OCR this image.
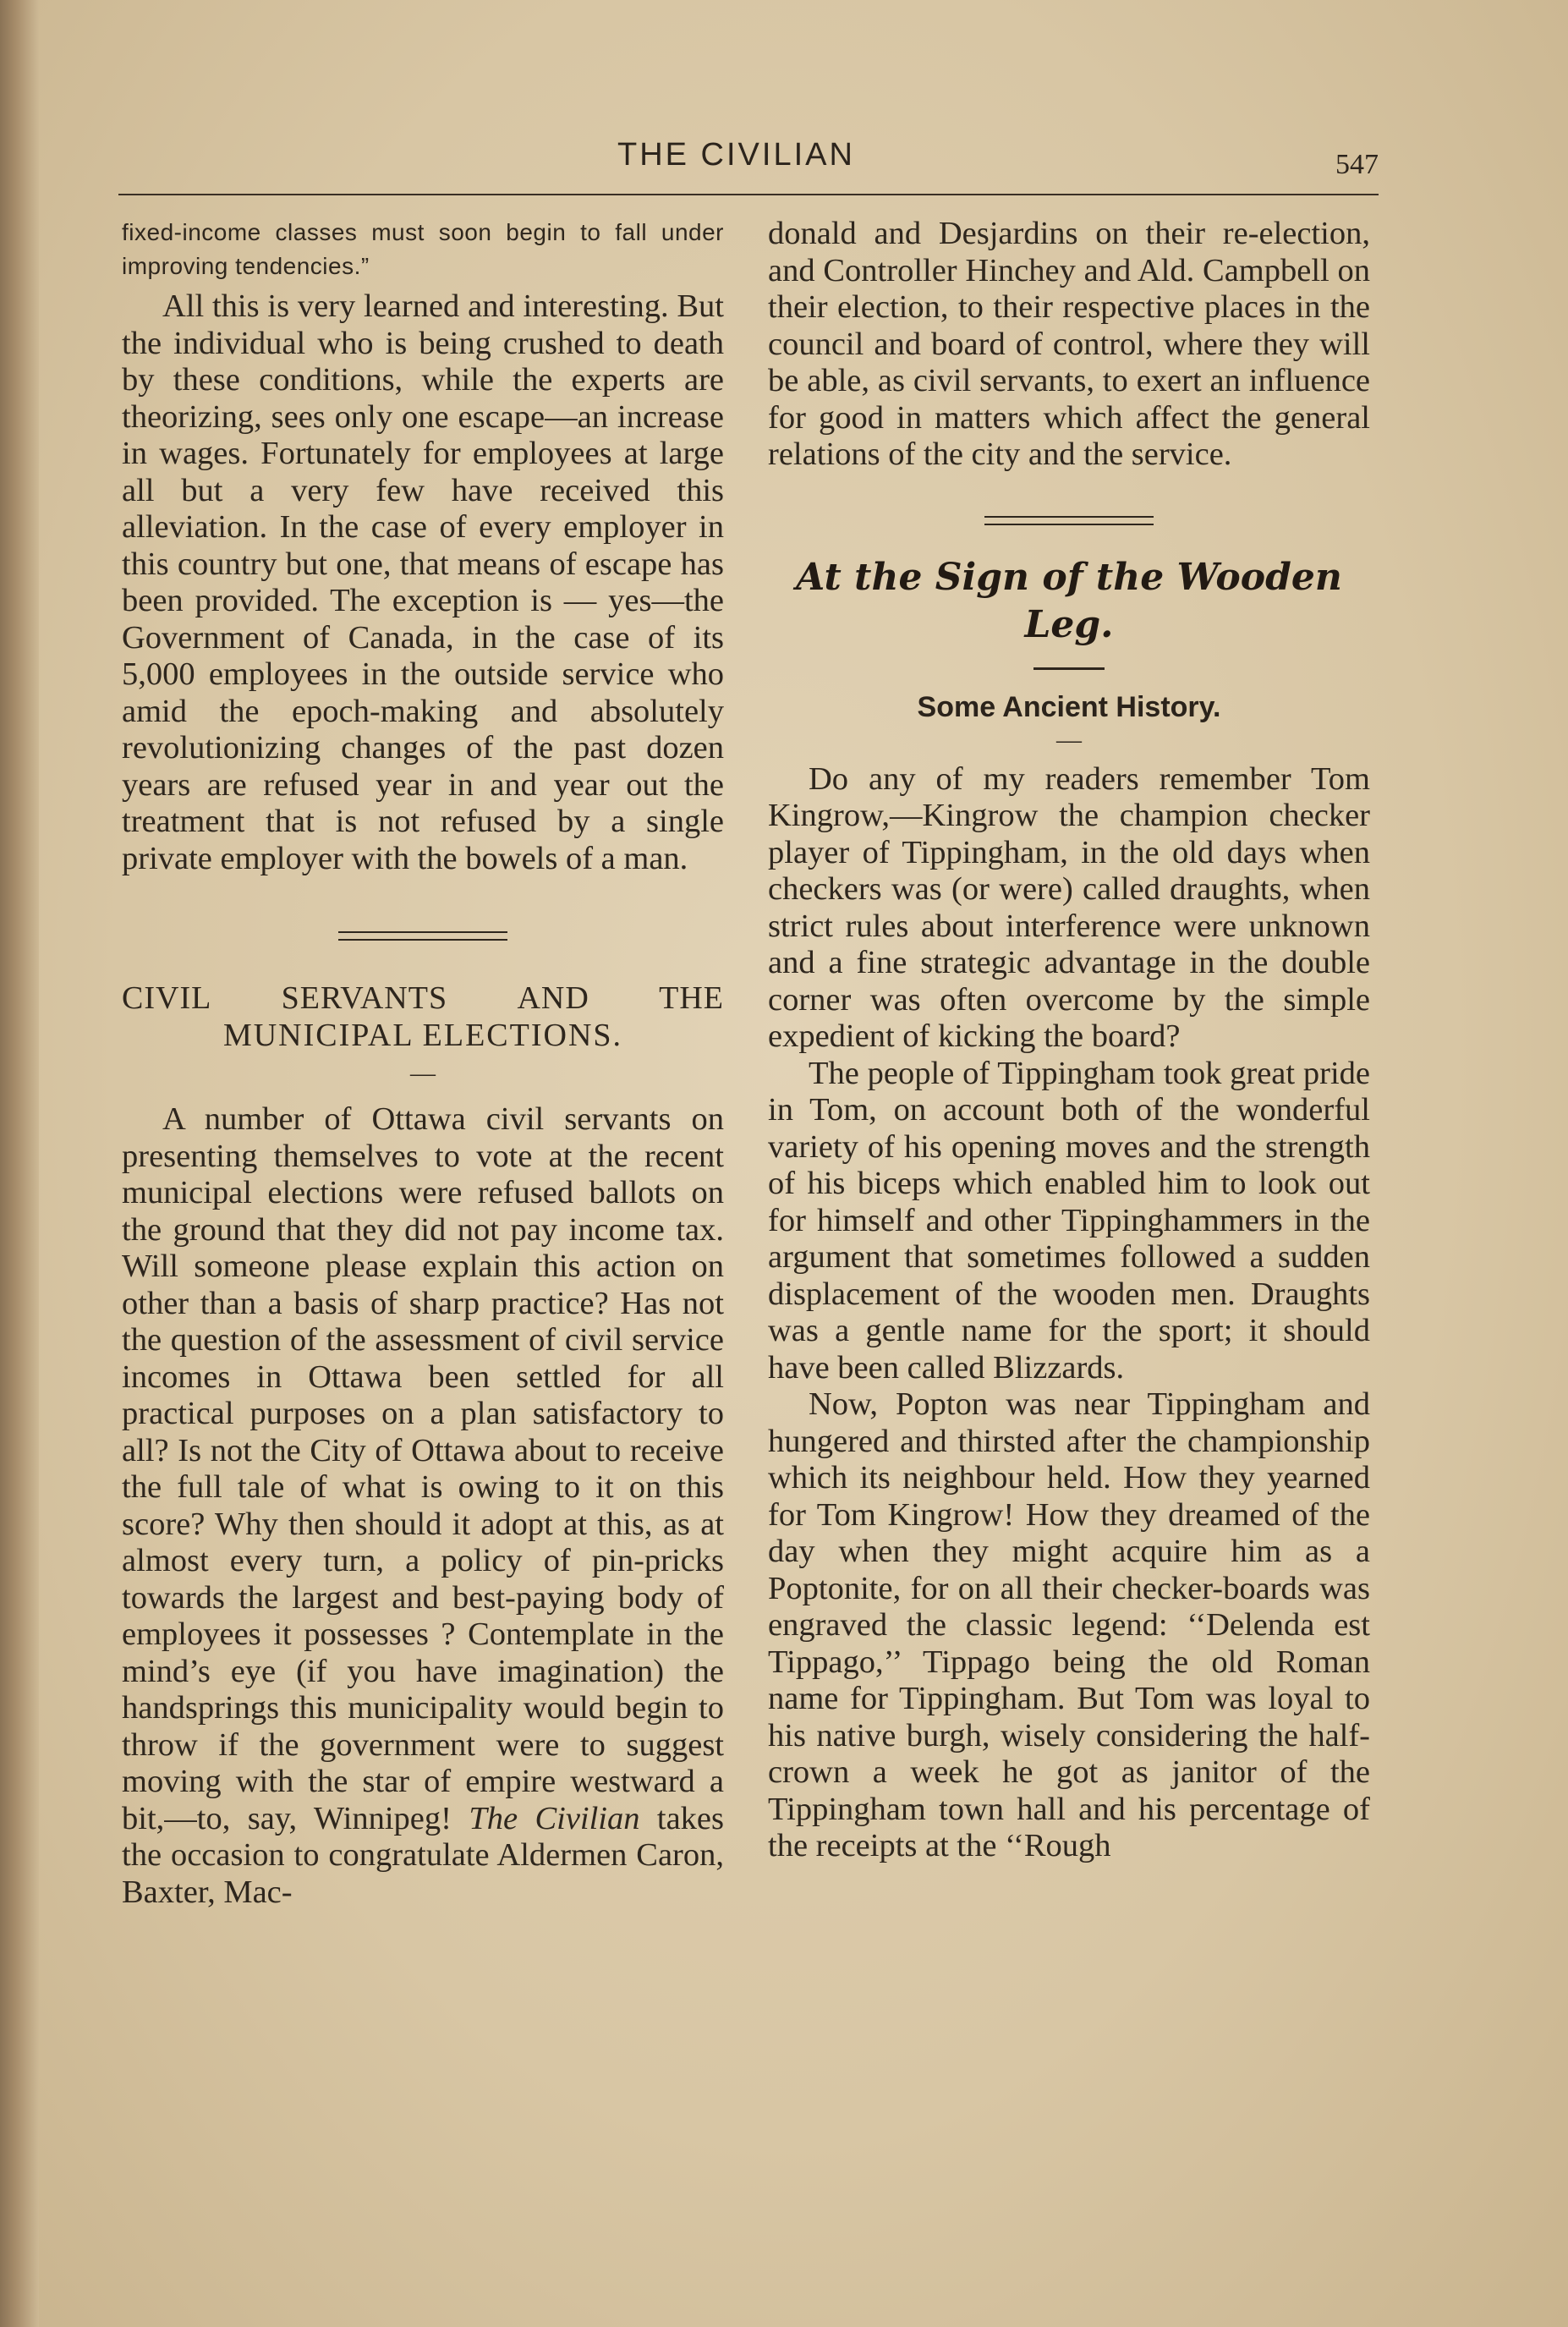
THE CIVILIAN	547

fixed-income classes must soon begin to fall under improving tendencies.”

All this is very learned and interesting. But the individual who is being crushed to death by these conditions, while the experts are theorizing, sees only one escape—an increase in wages. Fortunately for employees at large all but a very few have received this alleviation. In the case of every employer in this country but one, that means of escape has been provided. The exception is — yes—the Government of Canada, in the case of its 5,000 employees in the outside service who amid the epoch-making and absolutely revolutionizing changes of the past dozen years are refused year in and year out the treatment that is not refused by a single private employer with the bowels of a man.

CIVIL SERVANTS AND THE
MUNICIPAL ELECTIONS.
—

A number of Ottawa civil servants on presenting themselves to vote at the recent municipal elections were refused ballots on the ground that they did not pay income tax. Will someone please explain this action on other than a basis of sharp practice? Has not the question of the assessment of civil service incomes in Ottawa been settled for all practical purposes on a plan satisfactory to all? Is not the City of Ottawa about to receive the full tale of what is owing to it on this score? Why then should it adopt at this, as at almost every turn, a policy of pin-pricks towards the largest and best-paying body of employees it possesses ? Contemplate in the mind’s eye (if you have imagination) the handsprings this municipality would begin to throw if the government were to suggest moving with the star of empire westward a bit,—to, say, Winnipeg! The Civilian takes the occasion to congratulate Aldermen Caron, Baxter, Mac-

donald and Desjardins on their re-election, and Controller Hinchey and Ald. Campbell on their election, to their respective places in the council and board of control, where they will be able, as civil servants, to exert an influence for good in matters which affect the general relations of the city and the service.

At the Sign of the Wooden Leg.
Some Ancient History.
—

Do any of my readers remember Tom Kingrow,—Kingrow the champion checker player of Tippingham, in the old days when checkers was (or were) called draughts, when strict rules about interference were unknown and a fine strategic advantage in the double corner was often overcome by the simple expedient of kicking the board?

The people of Tippingham took great pride in Tom, on account both of the wonderful variety of his opening moves and the strength of his biceps which enabled him to look out for himself and other Tippinghammers in the argument that sometimes followed a sudden displacement of the wooden men. Draughts was a gentle name for the sport; it should have been called Blizzards.

Now, Popton was near Tippingham and hungered and thirsted after the championship which its neighbour held. How they yearned for Tom Kingrow! How they dreamed of the day when they might acquire him as a Poptonite, for on all their checker-boards was engraved the classic legend: ‘‘Delenda est Tippago,’’ Tippago being the old Roman name for Tippingham. But Tom was loyal to his native burgh, wisely considering the half-crown a week he got as janitor of the Tippingham town hall and his percentage of the receipts at the ‘‘Rough
